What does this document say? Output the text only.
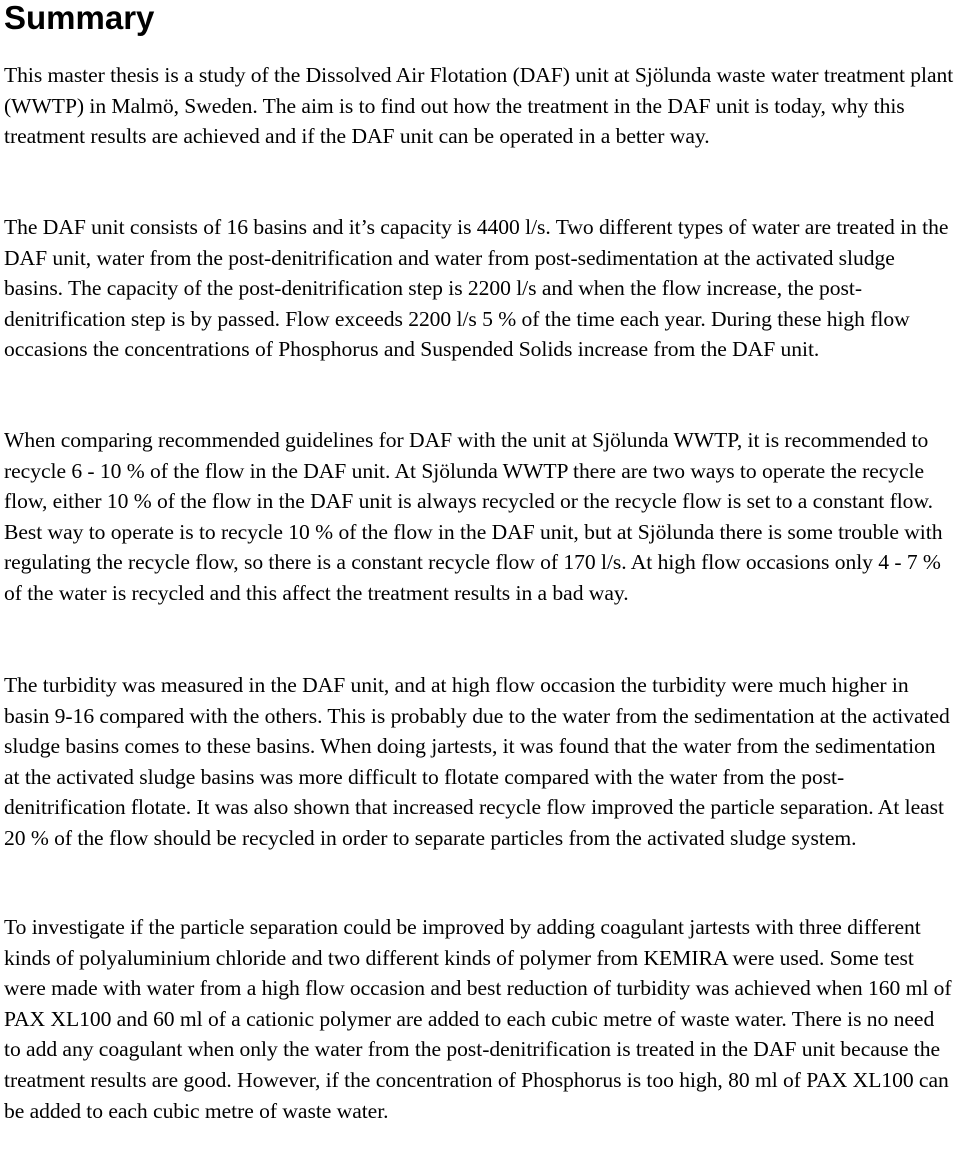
Summary

This master thesis is a study of the Dissolved Air Flotation (DAF) unit at Sjölunda waste water treatment plant (WWTP) in Malmö, Sweden. The aim is to find out how the treatment in the DAF unit is today, why this treatment results are achieved and if the DAF unit can be operated in a better way.

The DAF unit consists of 16 basins and it’s capacity is 4400 l/s. Two different types of water are treated in the DAF unit, water from the post-denitrification and water from post-sedimentation at the activated sludge basins. The capacity of the post-denitrification step is 2200 l/s and when the flow increase, the post-denitrification step is by passed. Flow exceeds 2200 l/s 5 % of the time each year. During these high flow occasions the concentrations of Phosphorus and Suspended Solids increase from the DAF unit.

When comparing recommended guidelines for DAF with the unit at Sjölunda WWTP, it is recommended to recycle 6 - 10 % of the flow in the DAF unit. At Sjölunda WWTP there are two ways to operate the recycle flow, either 10 % of the flow in the DAF unit is always recycled or the recycle flow is set to a constant flow. Best way to operate is to recycle 10 % of the flow in the DAF unit, but at Sjölunda there is some trouble with regulating the recycle flow, so there is a constant recycle flow of 170 l/s. At high flow occasions only 4 - 7 % of the water is recycled and this affect the treatment results in a bad way.

The turbidity was measured in the DAF unit, and at high flow occasion the turbidity were much higher in basin 9-16 compared with the others. This is probably due to the water from the sedimentation at the activated sludge basins comes to these basins. When doing jartests, it was found that the water from the sedimentation at the activated sludge basins was more difficult to flotate compared with the water from the post-denitrification flotate. It was also shown that increased recycle flow improved the particle separation. At least 20 % of the flow should be recycled in order to separate particles from the activated sludge system.

To investigate if the particle separation could be improved by adding coagulant jartests with three different kinds of polyaluminium chloride and two different kinds of polymer from KEMIRA were used. Some test were made with water from a high flow occasion and best reduction of turbidity was achieved when 160 ml of PAX XL100 and 60 ml of a cationic polymer are added to each cubic metre of waste water. There is no need to add any coagulant when only the water from the post-denitrification is treated in the DAF unit because the treatment results are good. However, if the concentration of Phosphorus is too high, 80 ml of PAX XL100 can be added to each cubic metre of waste water.
